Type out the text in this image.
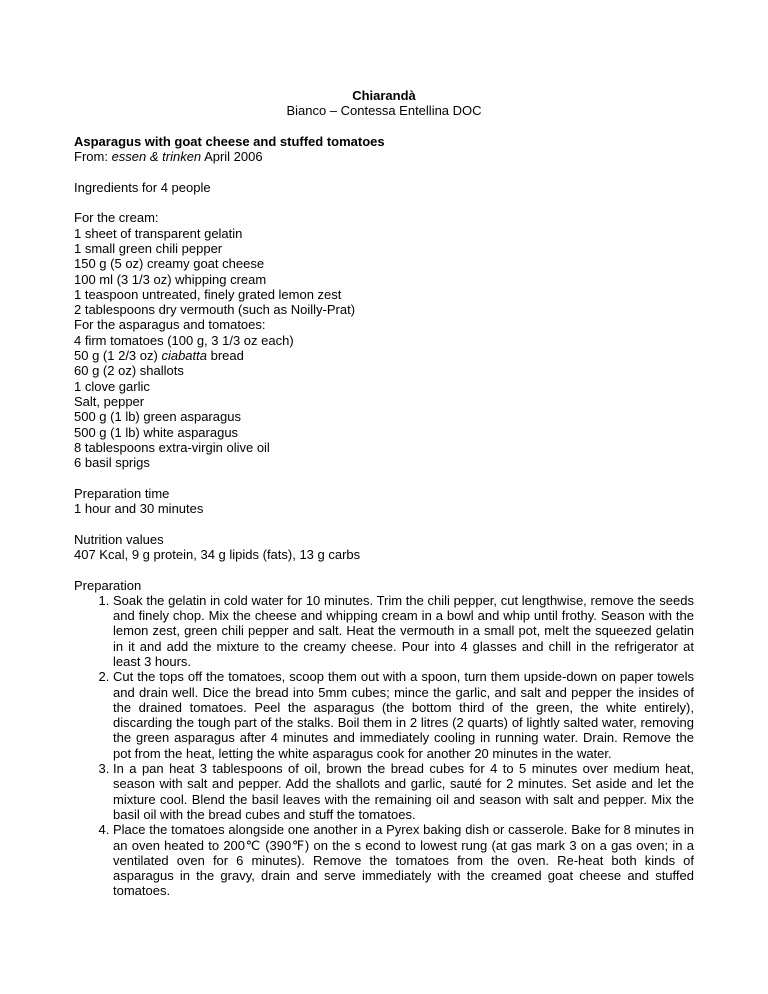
Chiarandà
Bianco – Contessa Entellina DOC
Asparagus with goat cheese and stuffed tomatoes
From: essen & trinken April 2006
Ingredients for 4 people
For the cream:
1 sheet of transparent gelatin
1 small green chili pepper
150 g (5 oz) creamy goat cheese
100 ml (3 1/3 oz) whipping cream
1 teaspoon untreated, finely grated lemon zest
2 tablespoons dry vermouth (such as Noilly-Prat)
For the asparagus and tomatoes:
4 firm tomatoes (100 g, 3 1/3 oz each)
50 g (1 2/3 oz) ciabatta bread
60 g (2 oz) shallots
1 clove garlic
Salt, pepper
500 g (1 lb) green asparagus
500 g (1 lb) white asparagus
8 tablespoons extra-virgin olive oil
6 basil sprigs
Preparation time
1 hour and 30 minutes
Nutrition values
407 Kcal, 9 g protein, 34 g lipids (fats), 13 g carbs
Preparation
1. Soak the gelatin in cold water for 10 minutes. Trim the chili pepper, cut lengthwise, remove the seeds and finely chop. Mix the cheese and whipping cream in a bowl and whip until frothy. Season with the lemon zest, green chili pepper and salt. Heat the vermouth in a small pot, melt the squeezed gelatin in it and add the mixture to the creamy cheese. Pour into 4 glasses and chill in the refrigerator at least 3 hours.
2. Cut the tops off the tomatoes, scoop them out with a spoon, turn them upside-down on paper towels and drain well. Dice the bread into 5mm cubes; mince the garlic, and salt and pepper the insides of the drained tomatoes. Peel the asparagus (the bottom third of the green, the white entirely), discarding the tough part of the stalks. Boil them in 2 litres (2 quarts) of lightly salted water, removing the green asparagus after 4 minutes and immediately cooling in running water. Drain. Remove the pot from the heat, letting the white asparagus cook for another 20 minutes in the water.
3. In a pan heat 3 tablespoons of oil, brown the bread cubes for 4 to 5 minutes over medium heat, season with salt and pepper. Add the shallots and garlic, sauté for 2 minutes. Set aside and let the mixture cool. Blend the basil leaves with the remaining oil and season with salt and pepper. Mix the basil oil with the bread cubes and stuff the tomatoes.
4. Place the tomatoes alongside one another in a Pyrex baking dish or casserole. Bake for 8 minutes in an oven heated to 200℃ (390℉) on the s econd to lowest rung (at gas mark 3 on a gas oven; in a ventilated oven for 6 minutes). Remove the tomatoes from the oven. Re-heat both kinds of asparagus in the gravy, drain and serve immediately with the creamed goat cheese and stuffed tomatoes.
